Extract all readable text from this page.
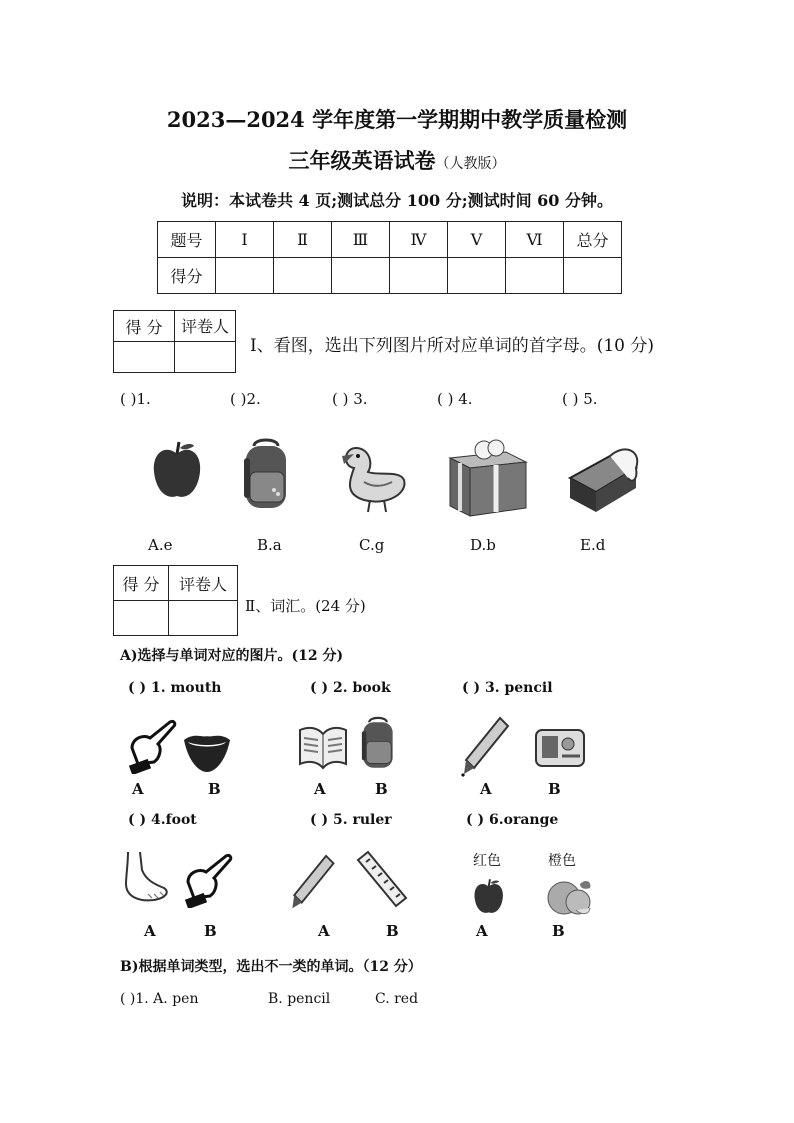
2023—2024 学年度第一学期期中教学质量检测
三年级英语试卷（人教版）
说明：本试卷共 4 页;测试总分 100 分;测试时间 60 分钟。
题号	Ⅰ	Ⅱ	Ⅲ	Ⅳ	Ⅴ	Ⅵ	总分
得分							
得 分	评卷人

Ⅰ、看图，选出下列图片所对应单词的首字母。(10 分)
( )1.	( )2.	( ) 3.	( ) 4.	( ) 5.
A.e	B.a	C.g	D.b	E.d
得 分	评卷人

Ⅱ、词汇。(24 分)
A)选择与单词对应的图片。(12 分)
( ) 1. mouth	( ) 2. book	( ) 3. pencil
A	B	A	B	A	B
( ) 4.foot	( ) 5. ruler	( ) 6.orange
红色	橙色
A	B	A	B	A	B
B)根据单词类型，选出不一类的单词。（12 分）
( )1. A. pen	B. pencil	C. red
